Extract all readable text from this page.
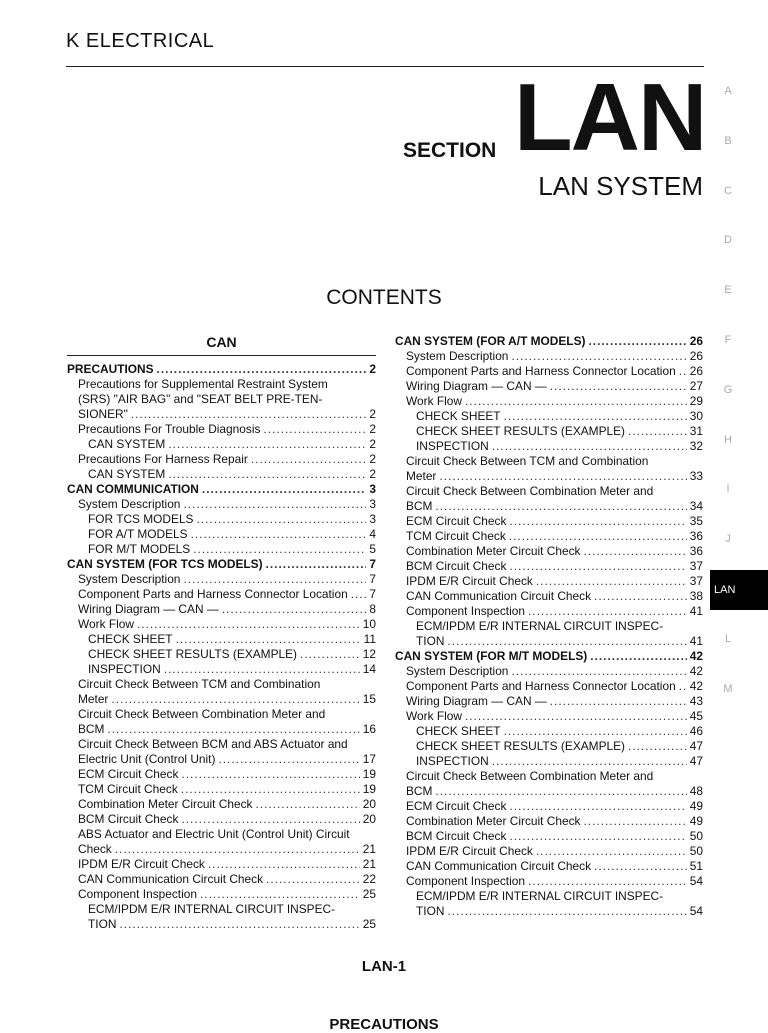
K ELECTRICAL
SECTION LAN
LAN SYSTEM
CONTENTS
A
B
C
D
E
F
G
H
I
J
L
M
LAN
CAN
PRECAUTIONS .....	2
Precautions for Supplemental Restraint System
(SRS) "AIR BAG" and "SEAT BELT PRE-TEN-
SIONER" .....	2
Precautions For Trouble Diagnosis .....	2
CAN SYSTEM .....	2
Precautions For Harness Repair .....	2
CAN SYSTEM .....	2
CAN COMMUNICATION .....	3
System Description .....	3
FOR TCS MODELS .....	3
FOR A/T MODELS .....	4
FOR M/T MODELS .....	5
CAN SYSTEM (FOR TCS MODELS) .....	7
System Description .....	7
Component Parts and Harness Connector Location ..... 7
Wiring Diagram — CAN — .....	8
Work Flow .....	10
CHECK SHEET .....	11
CHECK SHEET RESULTS (EXAMPLE) .....	12
INSPECTION .....	14
Circuit Check Between TCM and Combination
Meter .....	15
Circuit Check Between Combination Meter and
BCM .....	16
Circuit Check Between BCM and ABS Actuator and
Electric Unit (Control Unit) .....	17
ECM Circuit Check .....	19
TCM Circuit Check .....	19
Combination Meter Circuit Check .....	20
BCM Circuit Check .....	20
ABS Actuator and Electric Unit (Control Unit) Circuit
Check .....	21
IPDM E/R Circuit Check .....	21
CAN Communication Circuit Check .....	22
Component Inspection .....	25
ECM/IPDM E/R INTERNAL CIRCUIT INSPEC-
TION .....	25
CAN SYSTEM (FOR A/T MODELS) .....	26
System Description .....	26
Component Parts and Harness Connector Location ..... 26
Wiring Diagram — CAN — .....	27
Work Flow .....	29
CHECK SHEET .....	30
CHECK SHEET RESULTS (EXAMPLE) .....	31
INSPECTION .....	32
Circuit Check Between TCM and Combination
Meter .....	33
Circuit Check Between Combination Meter and
BCM .....	34
ECM Circuit Check .....	35
TCM Circuit Check .....	36
Combination Meter Circuit Check .....	36
BCM Circuit Check .....	37
IPDM E/R Circuit Check .....	37
CAN Communication Circuit Check .....	38
Component Inspection .....	41
ECM/IPDM E/R INTERNAL CIRCUIT INSPEC-
TION .....	41
CAN SYSTEM (FOR M/T MODELS) .....	42
System Description .....	42
Component Parts and Harness Connector Location ..... 42
Wiring Diagram — CAN — .....	43
Work Flow .....	45
CHECK SHEET .....	46
CHECK SHEET RESULTS (EXAMPLE) .....	47
INSPECTION .....	47
Circuit Check Between Combination Meter and
BCM .....	48
ECM Circuit Check .....	49
Combination Meter Circuit Check .....	49
BCM Circuit Check .....	50
IPDM E/R Circuit Check .....	50
CAN Communication Circuit Check .....	51
Component Inspection .....	54
ECM/IPDM E/R INTERNAL CIRCUIT INSPEC-
TION .....	54
LAN-1
PRECAUTIONS
